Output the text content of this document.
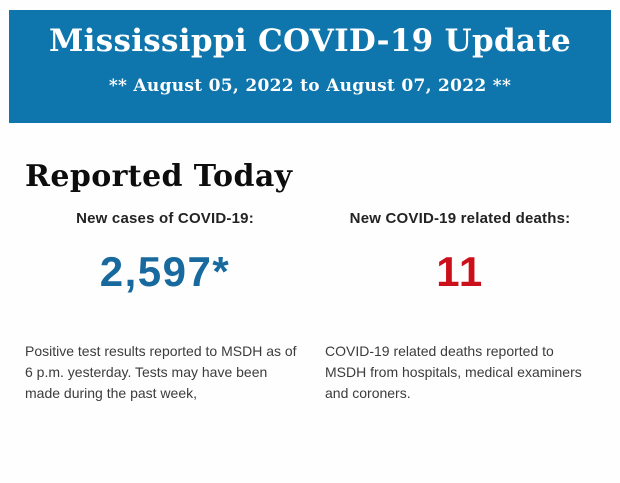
Mississippi COVID-19 Update
** August 05, 2022 to August 07, 2022 **
Reported Today
New cases of COVID-19:
2,597*

Positive test results reported to MSDH as of 6 p.m. yesterday. Tests may have been made during the past week,

New COVID-19 related deaths:
11

COVID-19 related deaths reported to MSDH from hospitals, medical examiners and coroners.
